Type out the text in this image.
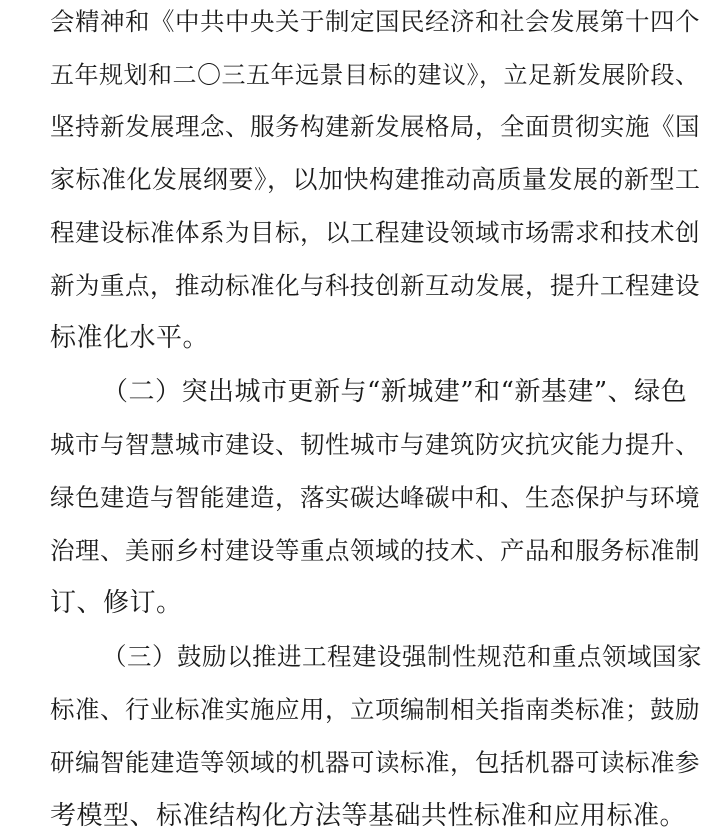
会精神和《中共中央关于制定国民经济和社会发展第十四个
五年规划和二〇三五年远景目标的建议》，立足新发展阶段、
坚持新发展理念、服务构建新发展格局，全面贯彻实施《国
家标准化发展纲要》，以加快构建推动高质量发展的新型工
程建设标准体系为目标，以工程建设领域市场需求和技术创
新为重点，推动标准化与科技创新互动发展，提升工程建设
标准化水平。
（二）突出城市更新与“新城建”和“新基建”、绿色
城市与智慧城市建设、韧性城市与建筑防灾抗灾能力提升、
绿色建造与智能建造，落实碳达峰碳中和、生态保护与环境
治理、美丽乡村建设等重点领域的技术、产品和服务标准制
订、修订。
（三）鼓励以推进工程建设强制性规范和重点领域国家
标准、行业标准实施应用，立项编制相关指南类标准；鼓励
研编智能建造等领域的机器可读标准，包括机器可读标准参
考模型、标准结构化方法等基础共性标准和应用标准。
